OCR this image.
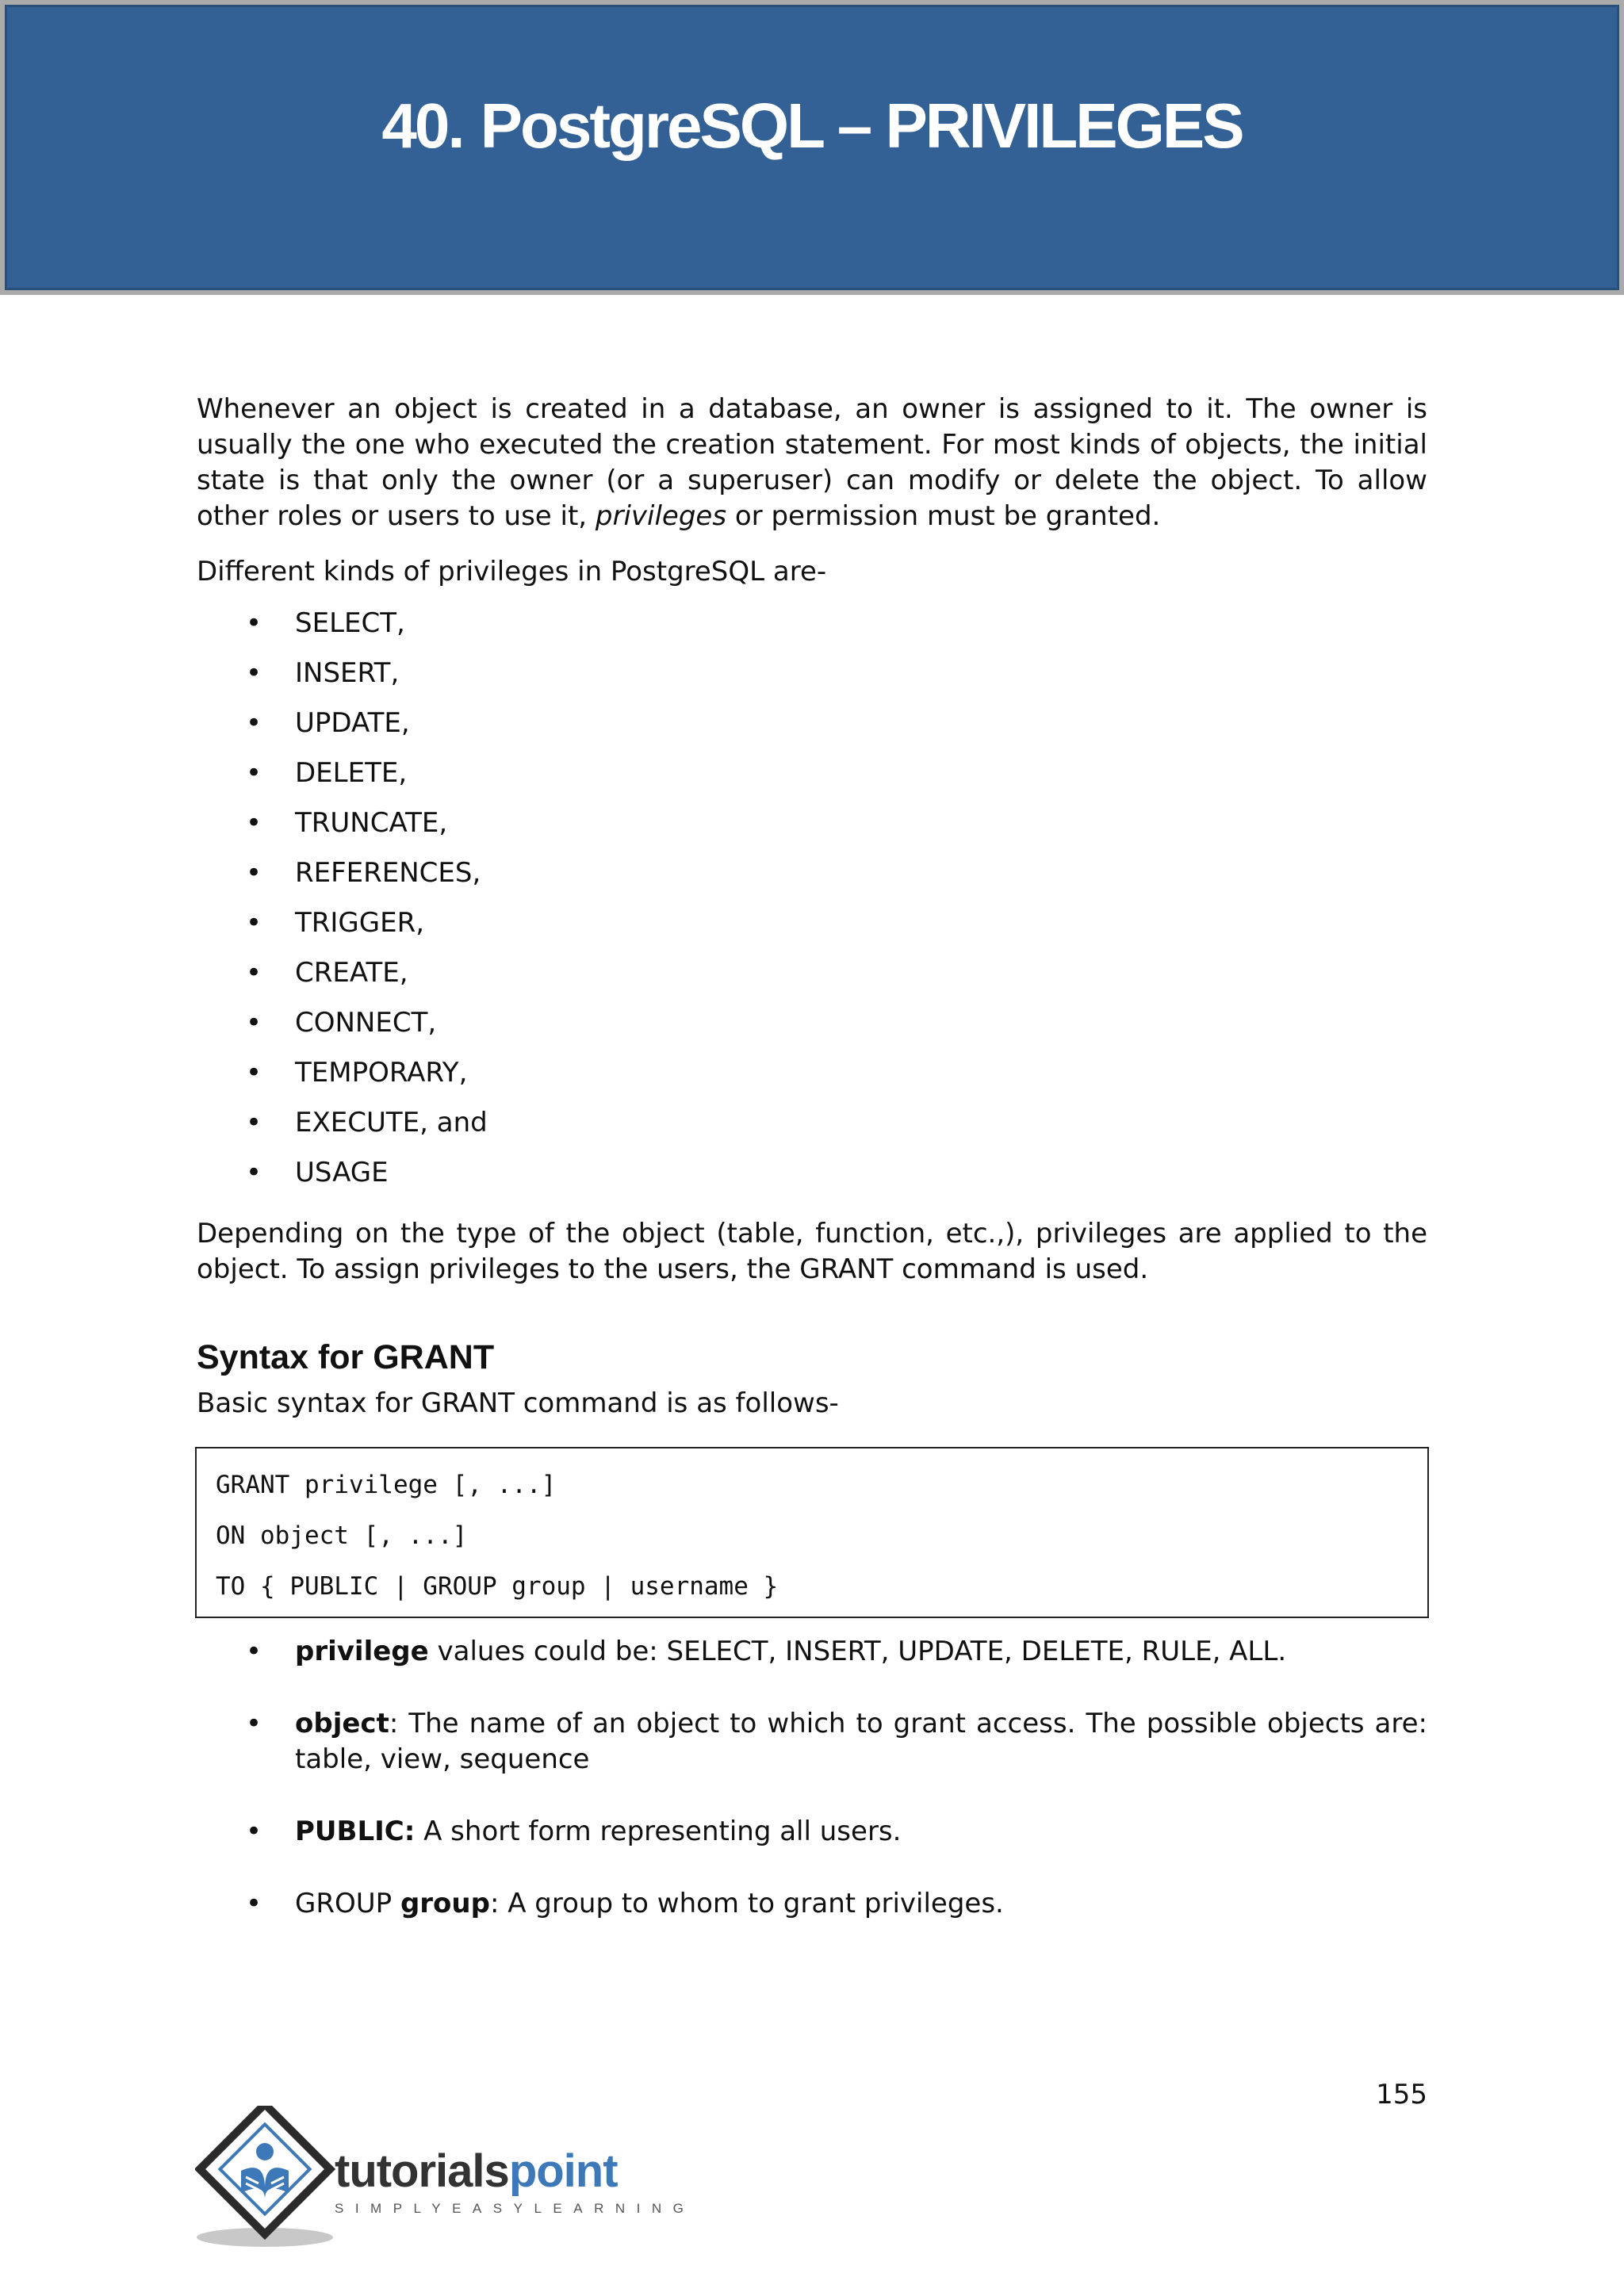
40. PostgreSQL – PRIVILEGES

Whenever an object is created in a database, an owner is assigned to it. The owner is usually the one who executed the creation statement. For most kinds of objects, the initial state is that only the owner (or a superuser) can modify or delete the object. To allow other roles or users to use it, privileges or permission must be granted.

Different kinds of privileges in PostgreSQL are-

• SELECT,
• INSERT,
• UPDATE,
• DELETE,
• TRUNCATE,
• REFERENCES,
• TRIGGER,
• CREATE,
• CONNECT,
• TEMPORARY,
• EXECUTE, and
• USAGE

Depending on the type of the object (table, function, etc.,), privileges are applied to the object. To assign privileges to the users, the GRANT command is used.

Syntax for GRANT

Basic syntax for GRANT command is as follows-

GRANT privilege [, ...]
ON object [, ...]
TO { PUBLIC | GROUP group | username }
• privilege values could be: SELECT, INSERT, UPDATE, DELETE, RULE, ALL.
• object: The name of an object to which to grant access. The possible objects are: table, view, sequence
• PUBLIC: A short form representing all users.
• GROUP group: A group to whom to grant privileges.
155
tutorialspoint
SIMPLYEASYLEARNING
